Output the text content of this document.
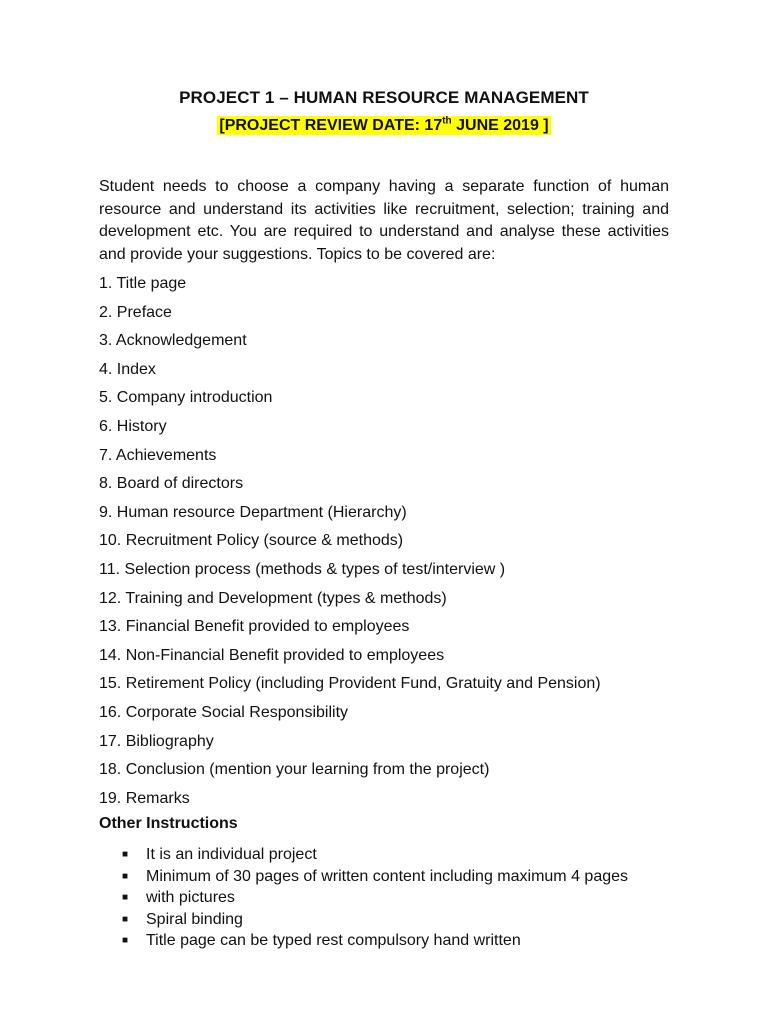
PROJECT 1 – HUMAN RESOURCE MANAGEMENT
[PROJECT REVIEW DATE: 17th JUNE 2019 ]

Student needs to choose a company having a separate function of human resource and understand its activities like recruitment, selection; training and development etc. You are required to understand and analyse these activities and provide your suggestions. Topics to be covered are:

1. Title page
2. Preface
3. Acknowledgement
4. Index
5. Company introduction
6. History
7. Achievements
8. Board of directors
9. Human resource Department (Hierarchy)
10. Recruitment Policy (source & methods)
11. Selection process (methods & types of test/interview )
12. Training and Development (types & methods)
13. Financial Benefit provided to employees
14. Non-Financial Benefit provided to employees
15. Retirement Policy (including Provident Fund, Gratuity and Pension)
16. Corporate Social Responsibility
17. Bibliography
18. Conclusion (mention your learning from the project)
19. Remarks
Other Instructions
■	It is an individual project
■	Minimum of 30 pages of written content including maximum 4 pages
■	with pictures
■	Spiral binding
■	Title page can be typed rest compulsory hand written
